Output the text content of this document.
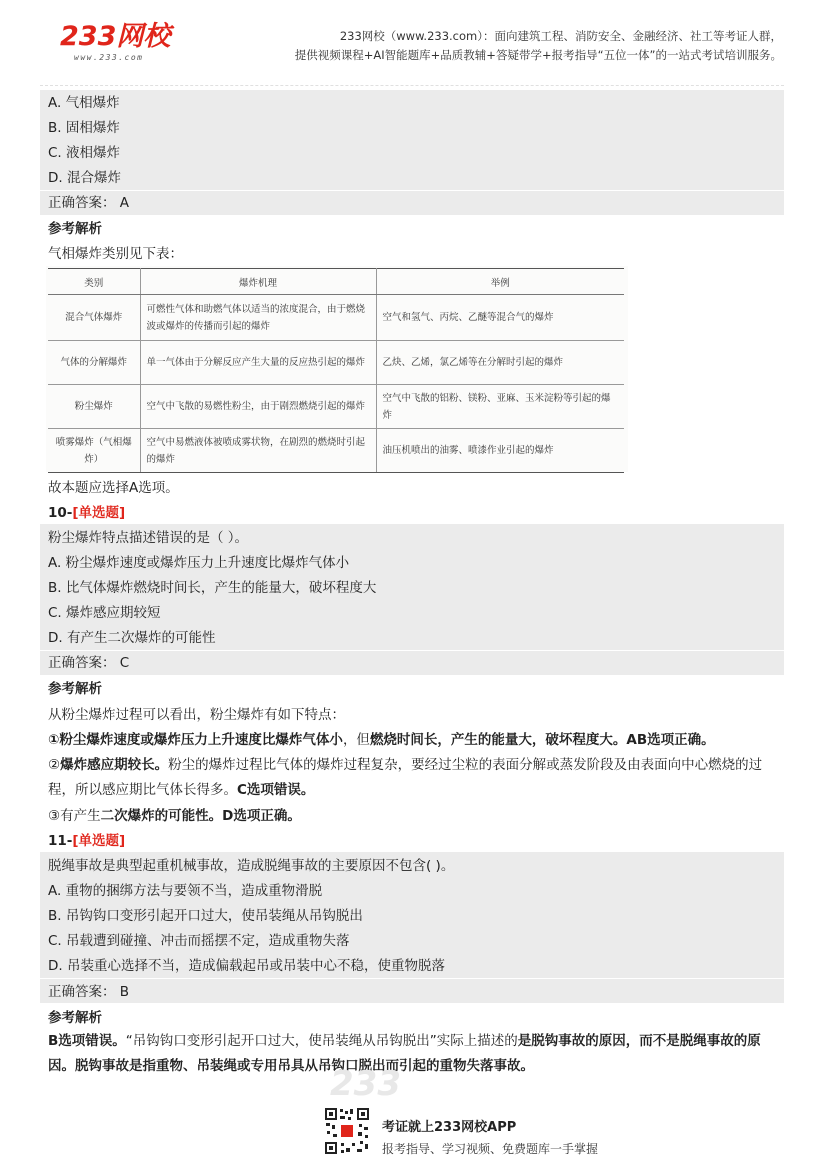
233网校
www.233.com
233网校（www.233.com）：面向建筑工程、消防安全、金融经济、社工等考证人群，
提供视频课程+AI智能题库+品质教辅+答疑带学+报考指导“五位一体”的一站式考试培训服务。
A. 气相爆炸
B. 固相爆炸
C. 液相爆炸
D. 混合爆炸
正确答案： A
参考解析
气相爆炸类别见下表：
类别	爆炸机理	举例
混合气体爆炸	可燃性气体和助燃气体以适当的浓度混合，由于燃烧波或爆炸的传播而引起的爆炸	空气和氢气、丙烷、乙醚等混合气的爆炸
气体的分解爆炸	单一气体由于分解反应产生大量的反应热引起的爆炸	乙炔、乙烯，氯乙烯等在分解时引起的爆炸
粉尘爆炸	空气中飞散的易燃性粉尘，由于剧烈燃烧引起的爆炸	空气中飞散的铝粉、镁粉、亚麻、玉米淀粉等引起的爆炸
喷雾爆炸（气相爆炸）	空气中易燃液体被喷成雾状物，在剧烈的燃烧时引起的爆炸	油压机喷出的油雾、喷漆作业引起的爆炸
故本题应选择A选项。
10-[单选题]
粉尘爆炸特点描述错误的是（ ）。
A. 粉尘爆炸速度或爆炸压力上升速度比爆炸气体小
B. 比气体爆炸燃烧时间长，产生的能量大，破坏程度大
C. 爆炸感应期较短
D. 有产生二次爆炸的可能性
正确答案： C
参考解析
从粉尘爆炸过程可以看出，粉尘爆炸有如下特点：
①粉尘爆炸速度或爆炸压力上升速度比爆炸气体小，但燃烧时间长，产生的能量大，破坏程度大。AB选项正确。
②爆炸感应期较长。粉尘的爆炸过程比气体的爆炸过程复杂，要经过尘粒的表面分解或蒸发阶段及由表面向中心燃烧的过程，所以感应期比气体长得多。C选项错误。
③有产生二次爆炸的可能性。D选项正确。
11-[单选题]
脱绳事故是典型起重机械事故，造成脱绳事故的主要原因不包含( )。
A. 重物的捆绑方法与要领不当，造成重物滑脱
B. 吊钩钩口变形引起开口过大，使吊装绳从吊钩脱出
C. 吊载遭到碰撞、冲击而摇摆不定，造成重物失落
D. 吊装重心选择不当，造成偏载起吊或吊装中心不稳，使重物脱落
正确答案： B
参考解析
B选项错误。“吊钩钩口变形引起开口过大，使吊装绳从吊钩脱出”实际上描述的是脱钩事故的原因，而不是脱绳事故的原因。脱钩事故是指重物、吊装绳或专用吊具从吊钩口脱出而引起的重物失落事故。
233
考证就上233网校APP
报考指导、学习视频、免费题库一手掌握
